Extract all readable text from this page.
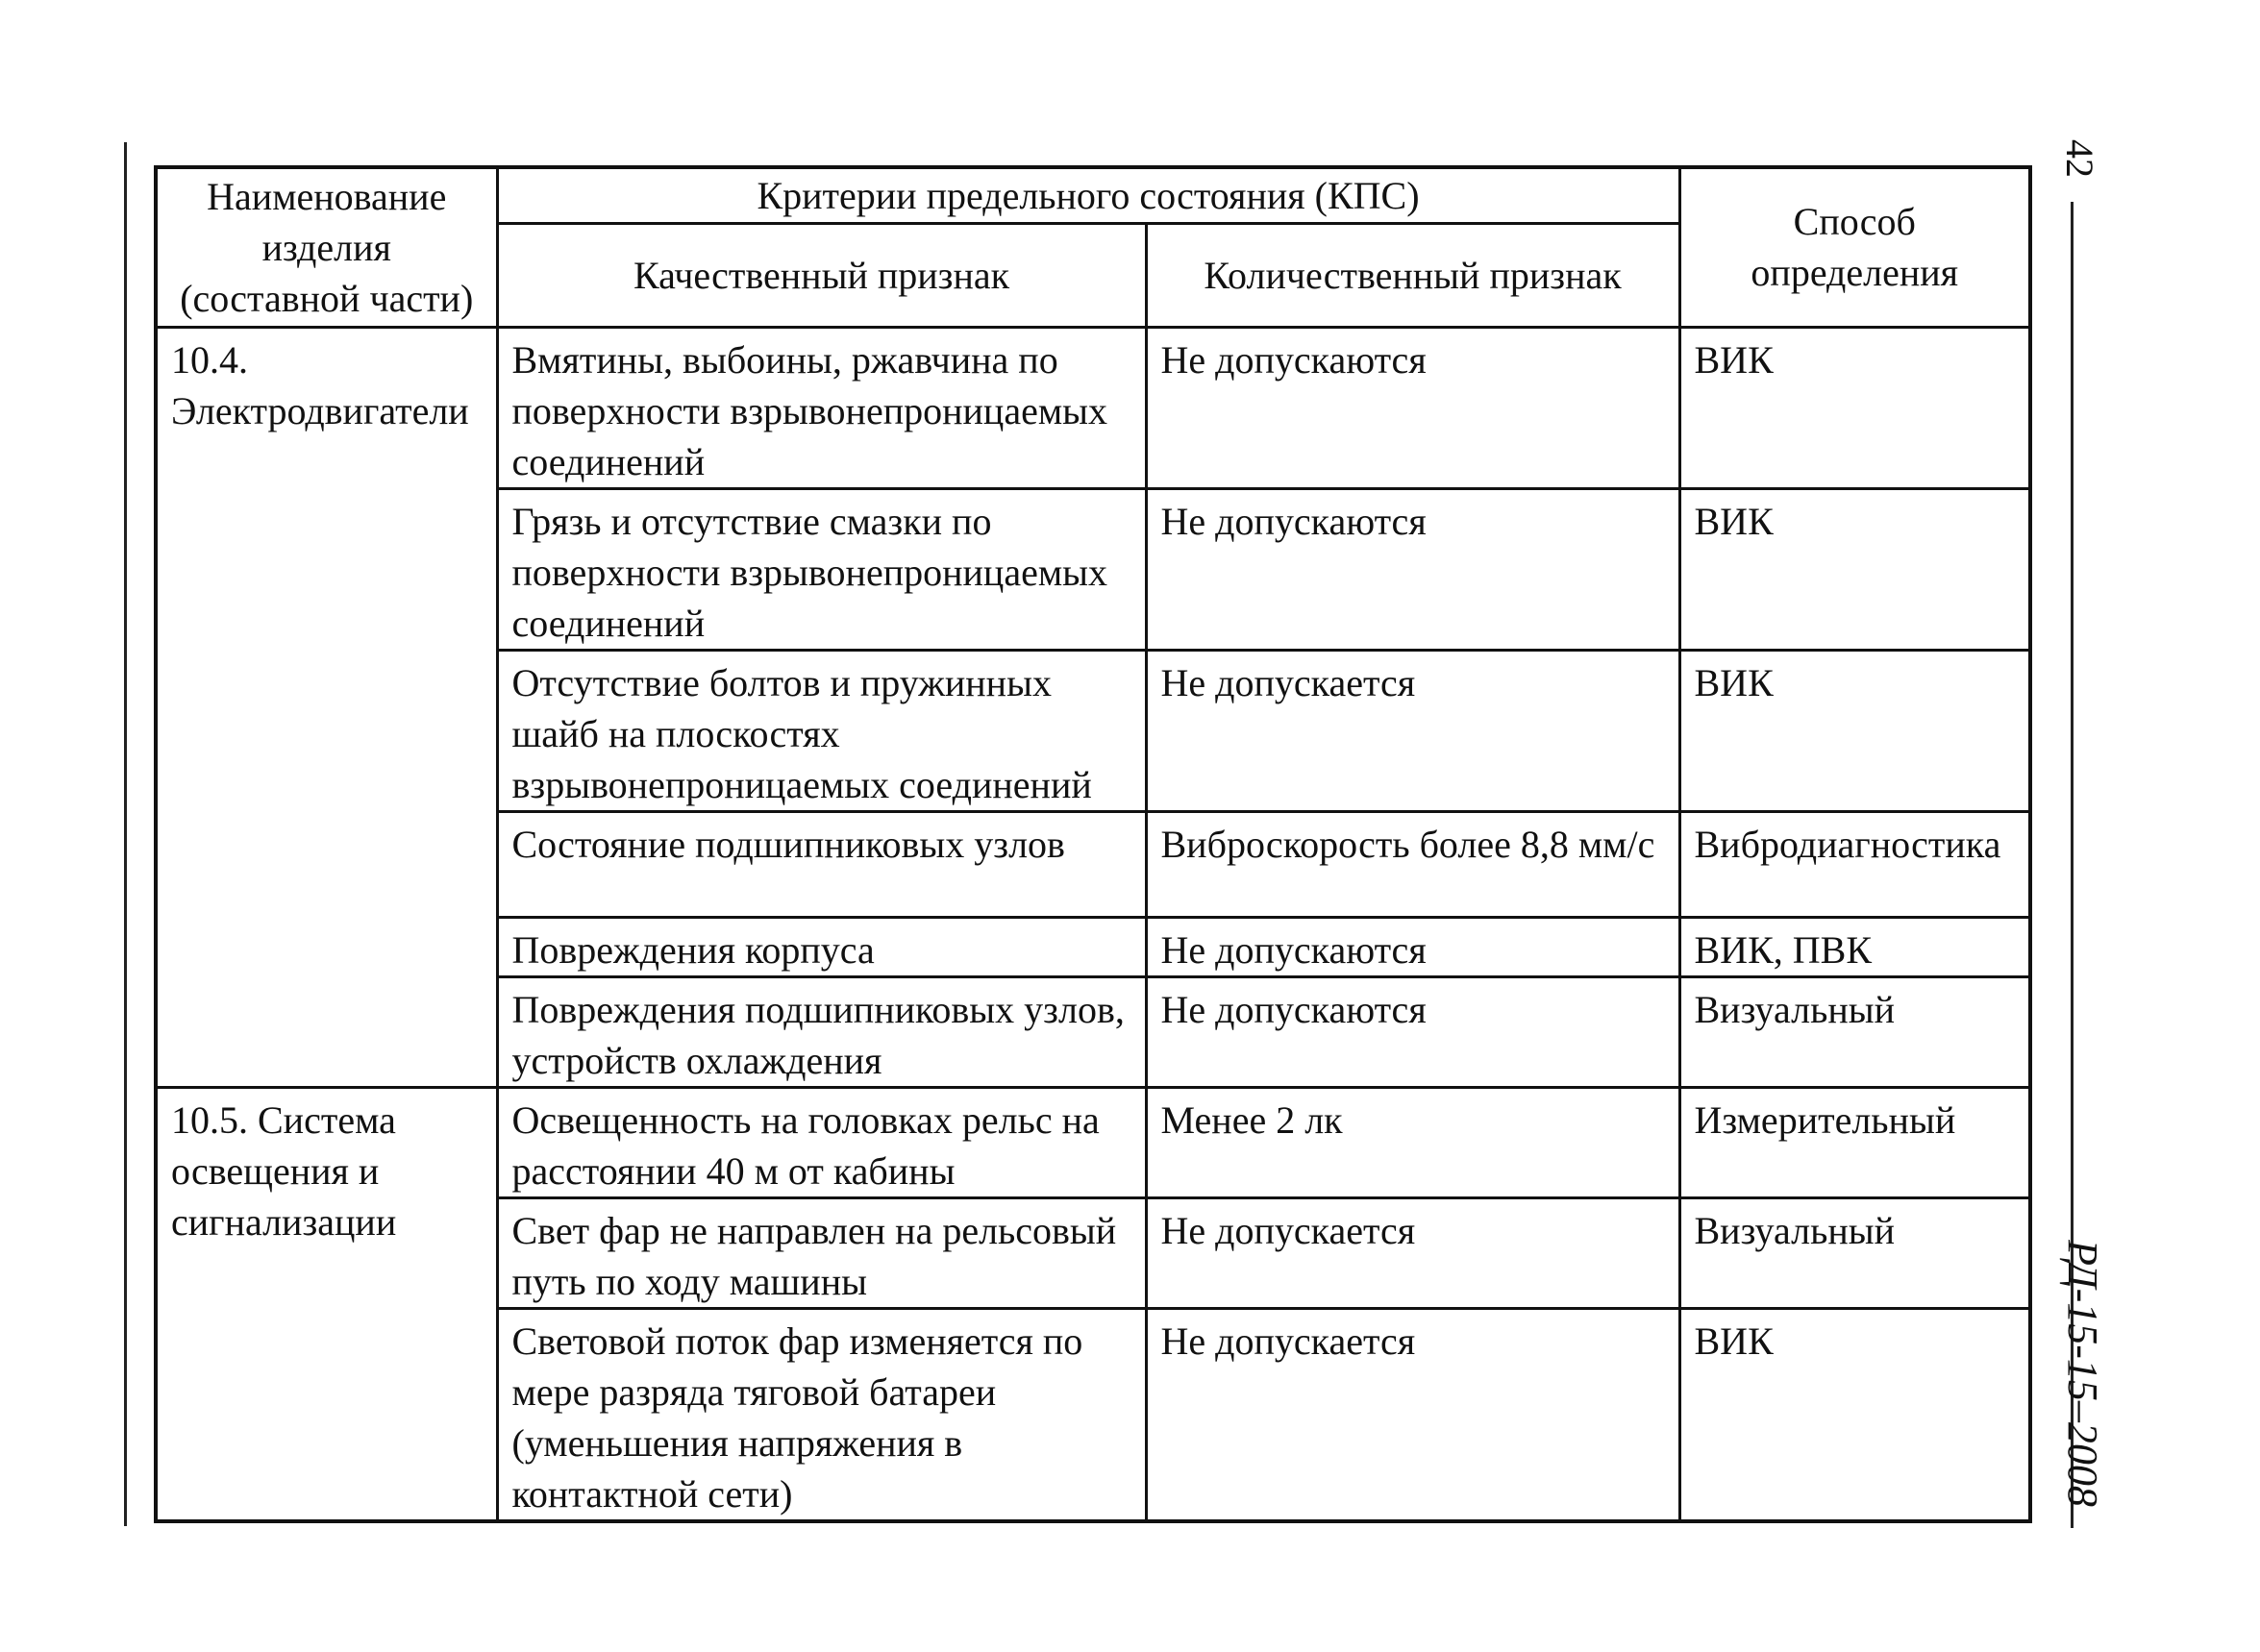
42
РД-15-15–2008
Наименование изделия (составной части)	Критерии предельного состояния (КПС)		Способ определения
	Качественный признак	Количественный признак	
10.4. Электродвигатели	Вмятины, выбоины, ржавчина по поверхности взрывонепроницаемых соединений	Не допускаются	ВИК
	Грязь и отсутствие смазки по поверхности взрывонепроницаемых соединений	Не допускаются	ВИК
	Отсутствие болтов и пружинных шайб на плоскостях взрывонепроницаемых соединений	Не допускается	ВИК
	Состояние подшипниковых узлов	Виброскорость более 8,8 мм/с	Вибродиагностика
	Повреждения корпуса	Не допускаются	ВИК, ПВК
	Повреждения подшипниковых узлов, устройств охлаждения	Не допускаются	Визуальный
10.5. Система освещения и сигнализации	Освещенность на головках рельс на расстоянии 40 м от кабины	Менее 2 лк	Измерительный
	Свет фар не направлен на рельсовый путь по ходу машины	Не допускается	Визуальный
	Световой поток фар изменяется по мере разряда тяговой батареи (уменьшения напряжения в контактной сети)	Не допускается	ВИК
